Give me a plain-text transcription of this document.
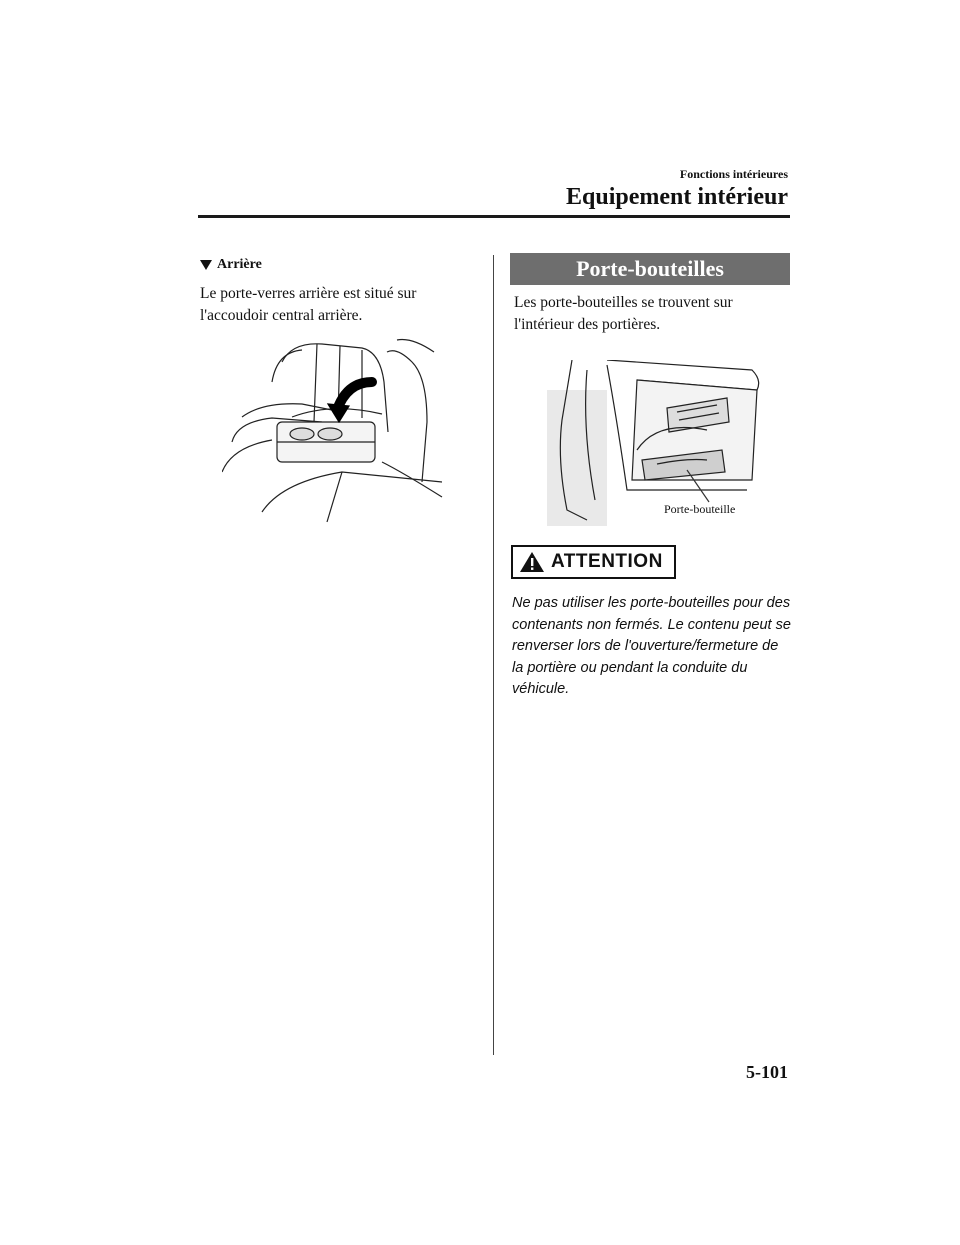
Fonctions intérieures
Equipement intérieur
Arrière
Le porte-verres arrière est situé sur l'accoudoir central arrière.
Porte-bouteilles
Les porte-bouteilles se trouvent sur l'intérieur des portières.
Porte-bouteille
ATTENTION
Ne pas utiliser les porte-bouteilles pour des contenants non fermés. Le contenu peut se renverser lors de l'ouverture/fermeture de la portière ou pendant la conduite du véhicule.
5-101
